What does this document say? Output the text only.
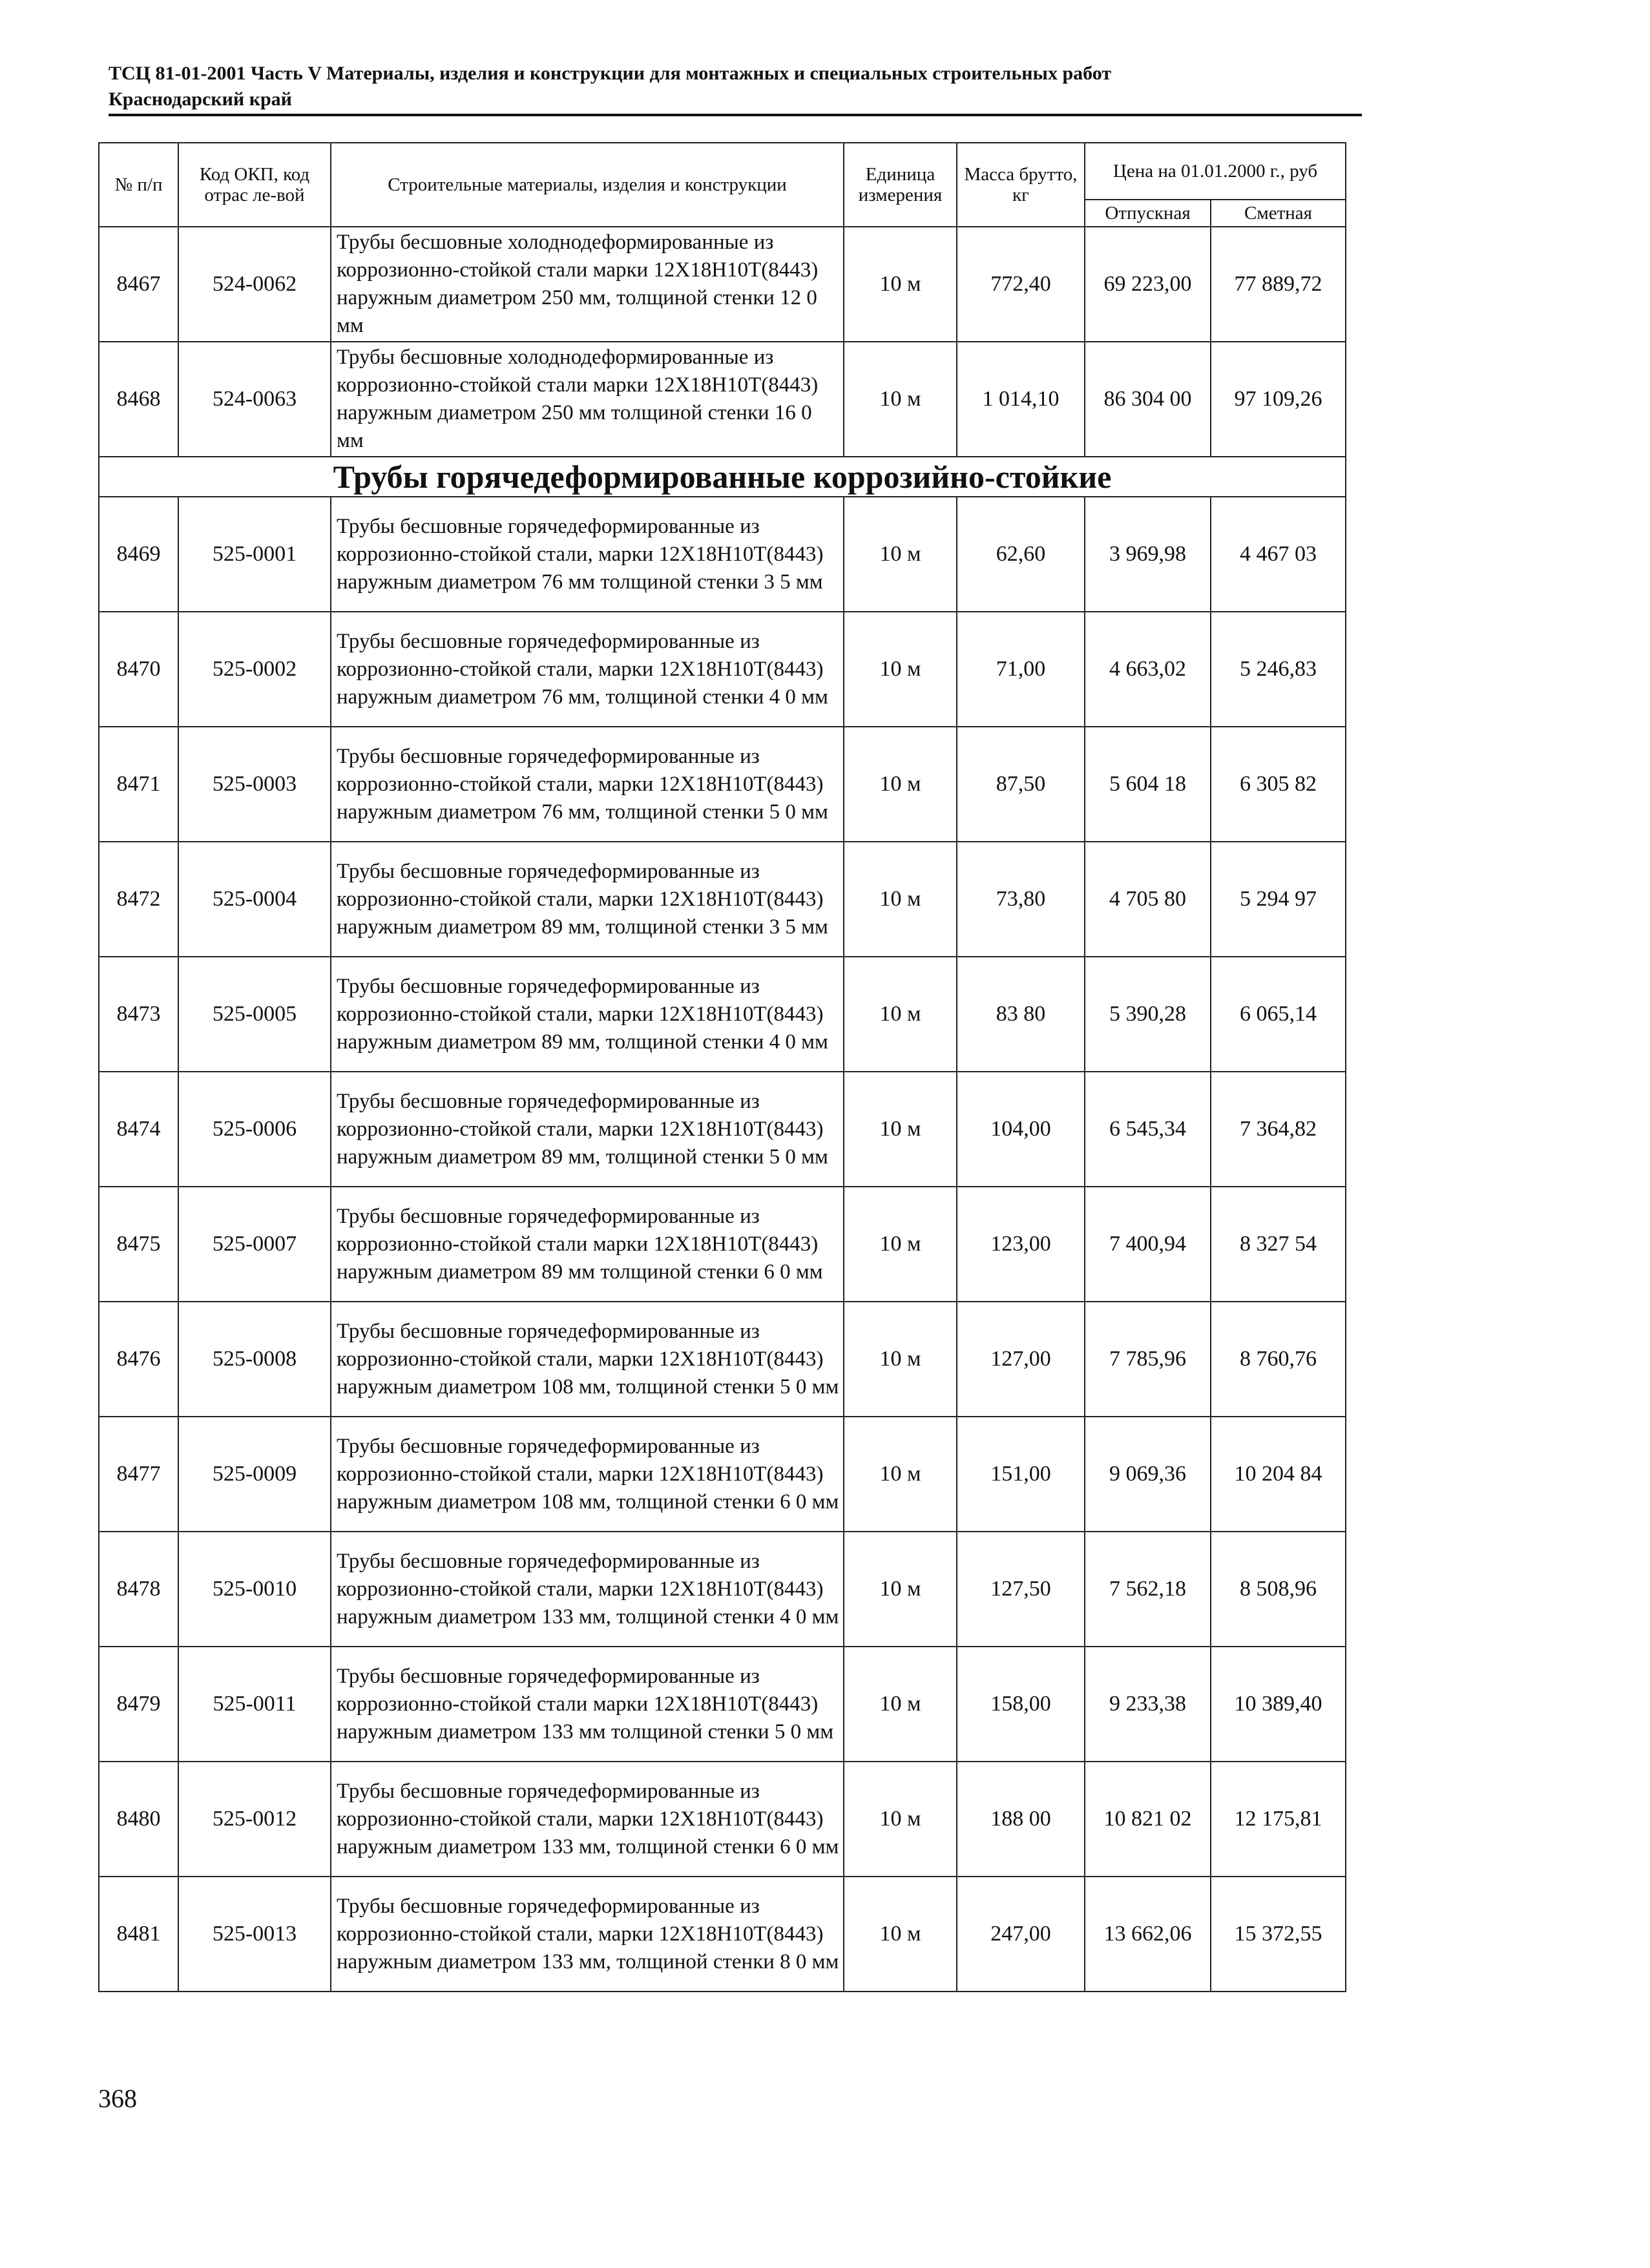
ТСЦ 81-01-2001 Часть V Материалы, изделия и конструкции для монтажных и специальных строительных работ
Краснодарский край
№ п/п	Код ОКП, код отрас ле-вой	Строительные материалы, изделия и конструкции	Единица измерения	Масса брутто, кг	Цена на 01.01.2000 г., руб	
					Отпускная	Сметная
8467	524-0062	Трубы бесшовные холоднодеформированные из коррозионно-стойкой стали марки 12Х18Н10Т(8443) наружным диаметром 250 мм, толщиной стенки 12 0 мм	10 м	772,40	69 223,00	77 889,72
8468	524-0063	Трубы бесшовные холоднодеформированные из коррозионно-стойкой стали марки 12Х18Н10Т(8443) наружным диаметром 250 мм толщиной стенки 16 0 мм	10 м	1 014,10	86 304 00	97 109,26
Трубы горячедеформированные коррозийно-стойкие						
8469	525-0001	Трубы бесшовные горячедеформированные из коррозионно-стойкой стали, марки 12Х18Н10Т(8443) наружным диаметром 76 мм толщиной стенки 3 5 мм	10 м	62,60	3 969,98	4 467 03
8470	525-0002	Трубы бесшовные горячедеформированные из коррозионно-стойкой стали, марки 12Х18Н10Т(8443) наружным диаметром 76 мм, толщиной стенки 4 0 мм	10 м	71,00	4 663,02	5 246,83
8471	525-0003	Трубы бесшовные горячедеформированные из коррозионно-стойкой стали, марки 12Х18Н10Т(8443) наружным диаметром 76 мм, толщиной стенки 5 0 мм	10 м	87,50	5 604 18	6 305 82
8472	525-0004	Трубы бесшовные горячедеформированные из коррозионно-стойкой стали, марки 12Х18Н10Т(8443) наружным диаметром 89 мм, толщиной стенки 3 5 мм	10 м	73,80	4 705 80	5 294 97
8473	525-0005	Трубы бесшовные горячедеформированные из коррозионно-стойкой стали, марки 12Х18Н10Т(8443) наружным диаметром 89 мм, толщиной стенки 4 0 мм	10 м	83 80	5 390,28	6 065,14
8474	525-0006	Трубы бесшовные горячедеформированные из коррозионно-стойкой стали, марки 12Х18Н10Т(8443) наружным диаметром 89 мм, толщиной стенки 5 0 мм	10 м	104,00	6 545,34	7 364,82
8475	525-0007	Трубы бесшовные горячедеформированные из коррозионно-стойкой стали марки 12Х18Н10Т(8443) наружным диаметром 89 мм толщиной стенки 6 0 мм	10 м	123,00	7 400,94	8 327 54
8476	525-0008	Трубы бесшовные горячедеформированные из коррозионно-стойкой стали, марки 12Х18Н10Т(8443) наружным диаметром 108 мм, толщиной стенки 5 0 мм	10 м	127,00	7 785,96	8 760,76
8477	525-0009	Трубы бесшовные горячедеформированные из коррозионно-стойкой стали, марки 12Х18Н10Т(8443) наружным диаметром 108 мм, толщиной стенки 6 0 мм	10 м	151,00	9 069,36	10 204 84
8478	525-0010	Трубы бесшовные горячедеформированные из коррозионно-стойкой стали, марки 12Х18Н10Т(8443) наружным диаметром 133 мм, толщиной стенки 4 0 мм	10 м	127,50	7 562,18	8 508,96
8479	525-0011	Трубы бесшовные горячедеформированные из коррозионно-стойкой стали марки 12Х18Н10Т(8443) наружным диаметром 133 мм толщиной стенки 5 0 мм	10 м	158,00	9 233,38	10 389,40
8480	525-0012	Трубы бесшовные горячедеформированные из коррозионно-стойкой стали, марки 12Х18Н10Т(8443) наружным диаметром 133 мм, толщиной стенки 6 0 мм	10 м	188 00	10 821 02	12 175,81
8481	525-0013	Трубы бесшовные горячедеформированные из коррозионно-стойкой стали, марки 12Х18Н10Т(8443) наружным диаметром 133 мм, толщиной стенки 8 0 мм	10 м	247,00	13 662,06	15 372,55
368
